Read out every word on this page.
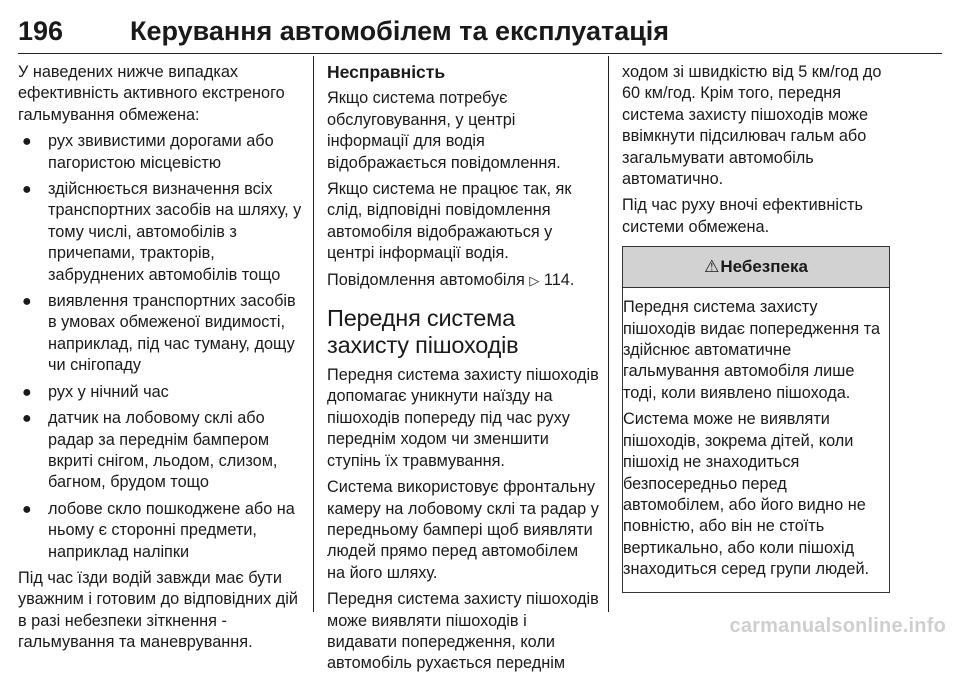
196 Керування автомобілем та експлуатація

У наведених нижче випадках ефективність активного екстреного гальмування обмежена:

● рух звивистими дорогами або пагористою місцевістю
● здійснюється визначення всіх транспортних засобів на шляху, у тому числі, автомобілів з причепами, тракторів, забруднених автомобілів тощо
● виявлення транспортних засобів в умовах обмеженої видимості, наприклад, під час туману, дощу чи снігопаду
● рух у нічний час
● датчик на лобовому склі або радар за переднім бампером вкриті снігом, льодом, слизом, багном, брудом тощо
● лобове скло пошкоджене або на ньому є сторонні предмети, наприклад наліпки

Під час їзди водій завжди має бути уважним і готовим до відповідних дій в разі небезпеки зіткнення - гальмування та маневрування.

Несправність

Якщо система потребує обслуговування, у центрі інформації для водія відображається повідомлення.

Якщо система не працює так, як слід, відповідні повідомлення автомобіля відображаються у центрі інформації водія.

Повідомлення автомобіля ▷ 114.

Передня система захисту пішоходів

Передня система захисту пішоходів допомагає уникнути наїзду на пішоходів попереду під час руху переднім ходом чи зменшити ступінь їх травмування.

Система використовує фронтальну камеру на лобовому склі та радар у передньому бампері щоб виявляти людей прямо перед автомобілем на його шляху.

Передня система захисту пішоходів може виявляти пішоходів і видавати попередження, коли автомобіль рухається переднім

ходом зі швидкістю від 5 км/год до 60 км/год. Крім того, передня система захисту пішоходів може ввімкнути підсилювач гальм або загальмувати автомобіль автоматично.

Під час руху вночі ефективність системи обмежена.

⚠Небезпека

Передня система захисту пішоходів видає попередження та здійснює автоматичне гальмування автомобіля лише тоді, коли виявлено пішохода.

Система може не виявляти пішоходів, зокрема дітей, коли пішохід не знаходиться безпосередньо перед автомобілем, або його видно не повністю, або він не стоїть вертикально, або коли пішохід знаходиться серед групи людей.

carmanualsonline.info
